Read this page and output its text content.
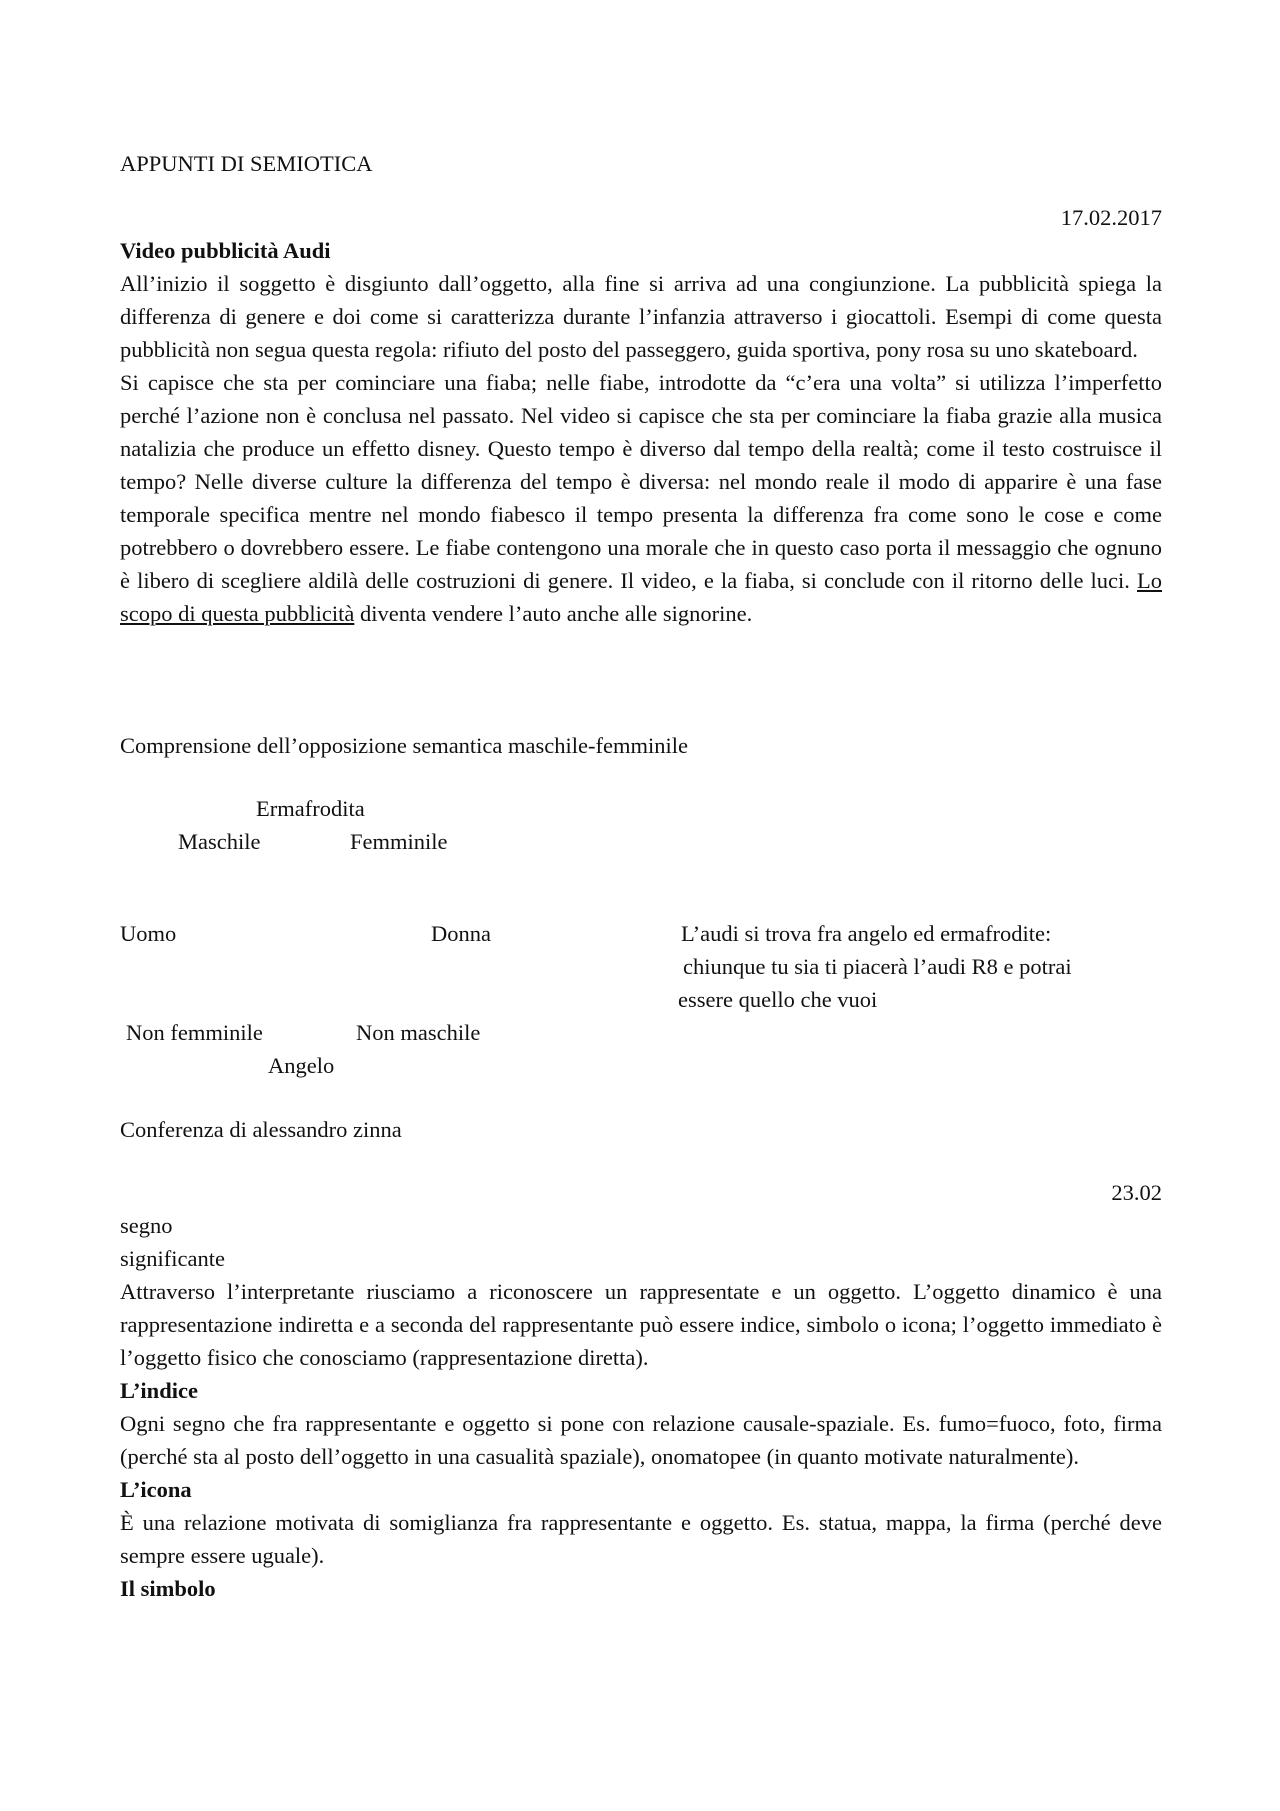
APPUNTI DI SEMIOTICA
17.02.2017

Video pubblicità Audi

All’inizio il soggetto è disgiunto dall’oggetto, alla fine si arriva ad una congiunzione. La pubblicità spiega la differenza di genere e doi come si caratterizza durante l’infanzia attraverso i giocattoli. Esempi di come questa pubblicità non segua questa regola: rifiuto del posto del passeggero, guida sportiva, pony rosa su uno skateboard.

Si capisce che sta per cominciare una fiaba; nelle fiabe, introdotte da “c’era una volta” si utilizza l’imperfetto perché l’azione non è conclusa nel passato. Nel video si capisce che sta per cominciare la fiaba grazie alla musica natalizia che produce un effetto disney. Questo tempo è diverso dal tempo della realtà; come il testo costruisce il tempo? Nelle diverse culture la differenza del tempo è diversa: nel mondo reale il modo di apparire è una fase temporale specifica mentre nel mondo fiabesco il tempo presenta la differenza fra come sono le cose e come potrebbero o dovrebbero essere. Le fiabe contengono una morale che in questo caso porta il messaggio che ognuno è libero di scegliere aldilà delle costruzioni di genere. Il video, e la fiaba, si conclude con il ritorno delle luci. Lo scopo di questa pubblicità diventa vendere l’auto anche alle signorine.

Comprensione dell’opposizione semantica maschile-femminile
Ermafrodita
Maschile	Femminile
Uomo	Donna	L’audi si trova fra angelo ed ermafrodite:
chiunque tu sia ti piacerà l’audi R8 e potrai
essere quello che vuoi
Non femminile	Non maschile
Angelo
Conferenza di alessandro zinna
23.02

segno

significante

Attraverso l’interpretante riusciamo a riconoscere un rappresentate e un oggetto. L’oggetto dinamico è una rappresentazione indiretta e a seconda del rappresentante può essere indice, simbolo o icona; l’oggetto immediato è l’oggetto fisico che conosciamo (rappresentazione diretta).

L’indice

Ogni segno che fra rappresentante e oggetto si pone con relazione causale-spaziale. Es. fumo=fuoco, foto, firma (perché sta al posto dell’oggetto in una casualità spaziale), onomatopee (in quanto motivate naturalmente).

L’icona

È una relazione motivata di somiglianza fra rappresentante e oggetto. Es. statua, mappa, la firma (perché deve sempre essere uguale).

Il simbolo
